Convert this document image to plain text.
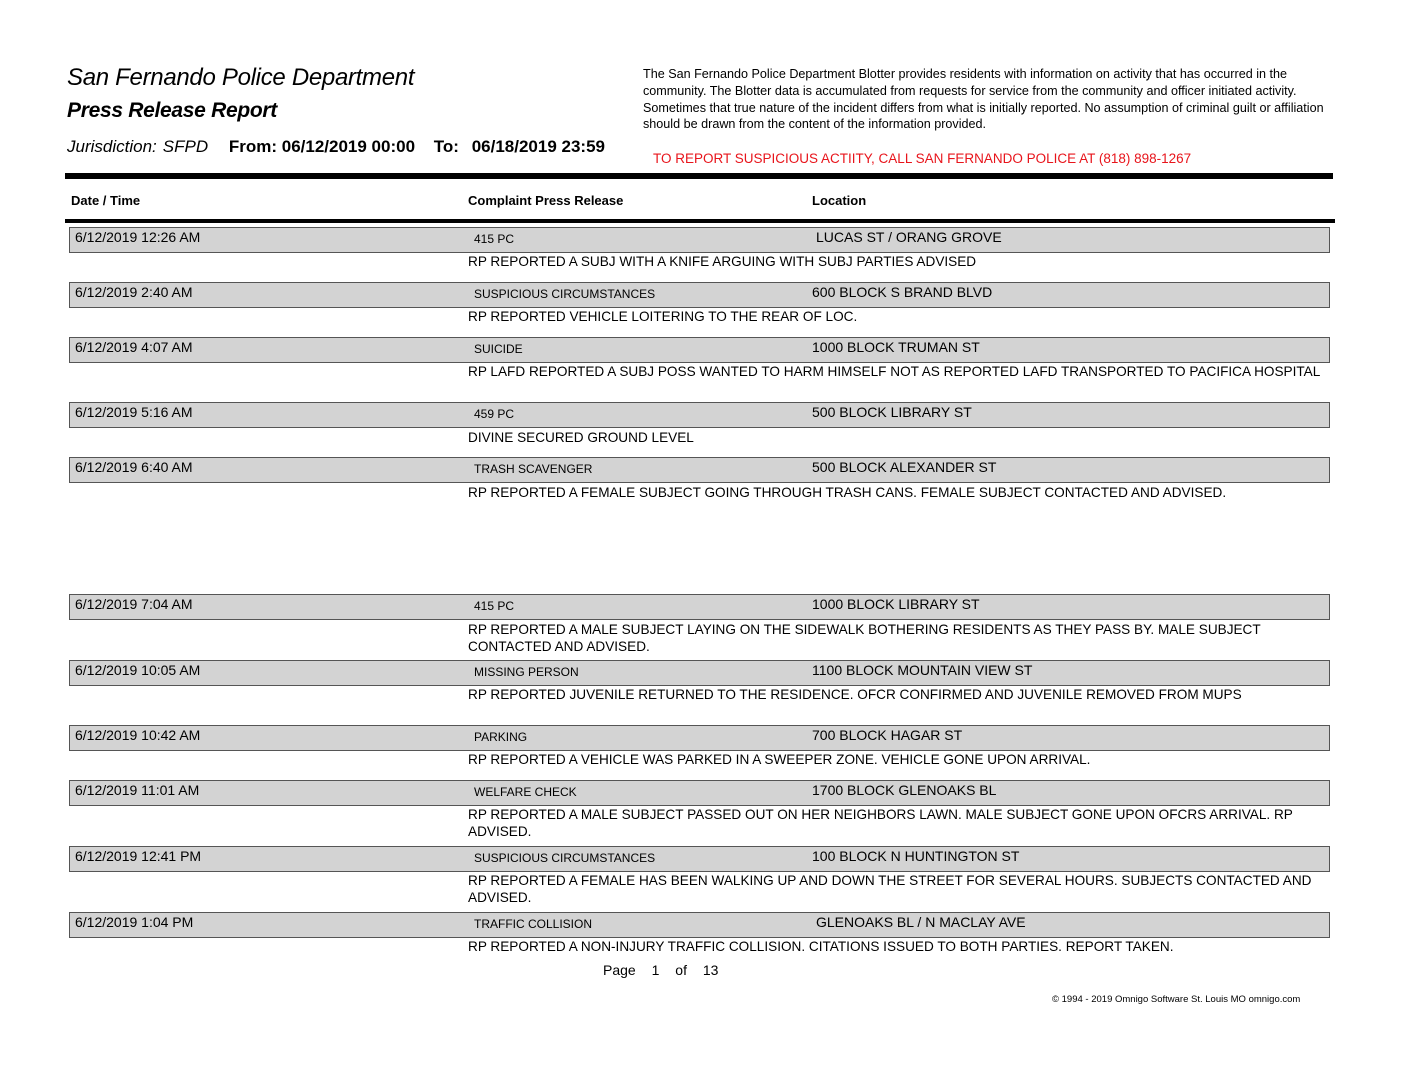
San Fernando Police Department
Press Release Report
Jurisdiction: SFPD From: 06/12/2019 00:00 To: 06/18/2019 23:59
The San Fernando Police Department Blotter provides residents with information on activity that has occurred in the community. The Blotter data is accumulated from requests for service from the community and officer initiated activity. Sometimes that true nature of the incident differs from what is initially reported. No assumption of criminal guilt or affiliation should be drawn from the content of the information provided.
TO REPORT SUSPICIOUS ACTIITY, CALL SAN FERNANDO POLICE AT (818) 898-1267
Date / Time	Complaint Press Release	Location
6/12/2019 12:26 AM	415 PC	LUCAS ST / ORANG GROVE
RP REPORTED A SUBJ WITH A KNIFE ARGUING WITH SUBJ PARTIES ADVISED
6/12/2019 2:40 AM	SUSPICIOUS CIRCUMSTANCES	600 BLOCK S BRAND BLVD
RP REPORTED VEHICLE LOITERING TO THE REAR OF LOC.
6/12/2019 4:07 AM	SUICIDE	1000 BLOCK TRUMAN ST
RP LAFD REPORTED A SUBJ POSS WANTED TO HARM HIMSELF NOT AS REPORTED LAFD TRANSPORTED TO PACIFICA HOSPITAL
6/12/2019 5:16 AM	459 PC	500 BLOCK LIBRARY ST
DIVINE SECURED GROUND LEVEL
6/12/2019 6:40 AM	TRASH SCAVENGER	500 BLOCK ALEXANDER ST
RP REPORTED A FEMALE SUBJECT GOING THROUGH TRASH CANS. FEMALE SUBJECT CONTACTED AND ADVISED.
6/12/2019 7:04 AM	415 PC	1000 BLOCK LIBRARY ST
RP REPORTED A MALE SUBJECT LAYING ON THE SIDEWALK BOTHERING RESIDENTS AS THEY PASS BY. MALE SUBJECT CONTACTED AND ADVISED.
6/12/2019 10:05 AM	MISSING PERSON	1100 BLOCK MOUNTAIN VIEW ST
RP REPORTED JUVENILE RETURNED TO THE RESIDENCE. OFCR CONFIRMED AND JUVENILE REMOVED FROM MUPS
6/12/2019 10:42 AM	PARKING	700 BLOCK HAGAR ST
RP REPORTED A VEHICLE WAS PARKED IN A SWEEPER ZONE. VEHICLE GONE UPON ARRIVAL.
6/12/2019 11:01 AM	WELFARE CHECK	1700 BLOCK GLENOAKS BL
RP REPORTED A MALE SUBJECT PASSED OUT ON HER NEIGHBORS LAWN. MALE SUBJECT GONE UPON OFCRS ARRIVAL. RP ADVISED.
6/12/2019 12:41 PM	SUSPICIOUS CIRCUMSTANCES	100 BLOCK N HUNTINGTON ST
RP REPORTED A FEMALE HAS BEEN WALKING UP AND DOWN THE STREET FOR SEVERAL HOURS. SUBJECTS CONTACTED AND ADVISED.
6/12/2019 1:04 PM	TRAFFIC COLLISION	GLENOAKS BL / N MACLAY AVE
RP REPORTED A NON-INJURY TRAFFIC COLLISION. CITATIONS ISSUED TO BOTH PARTIES. REPORT TAKEN.
Page 1 of 13
© 1994 - 2019 Omnigo Software St. Louis MO omnigo.com
